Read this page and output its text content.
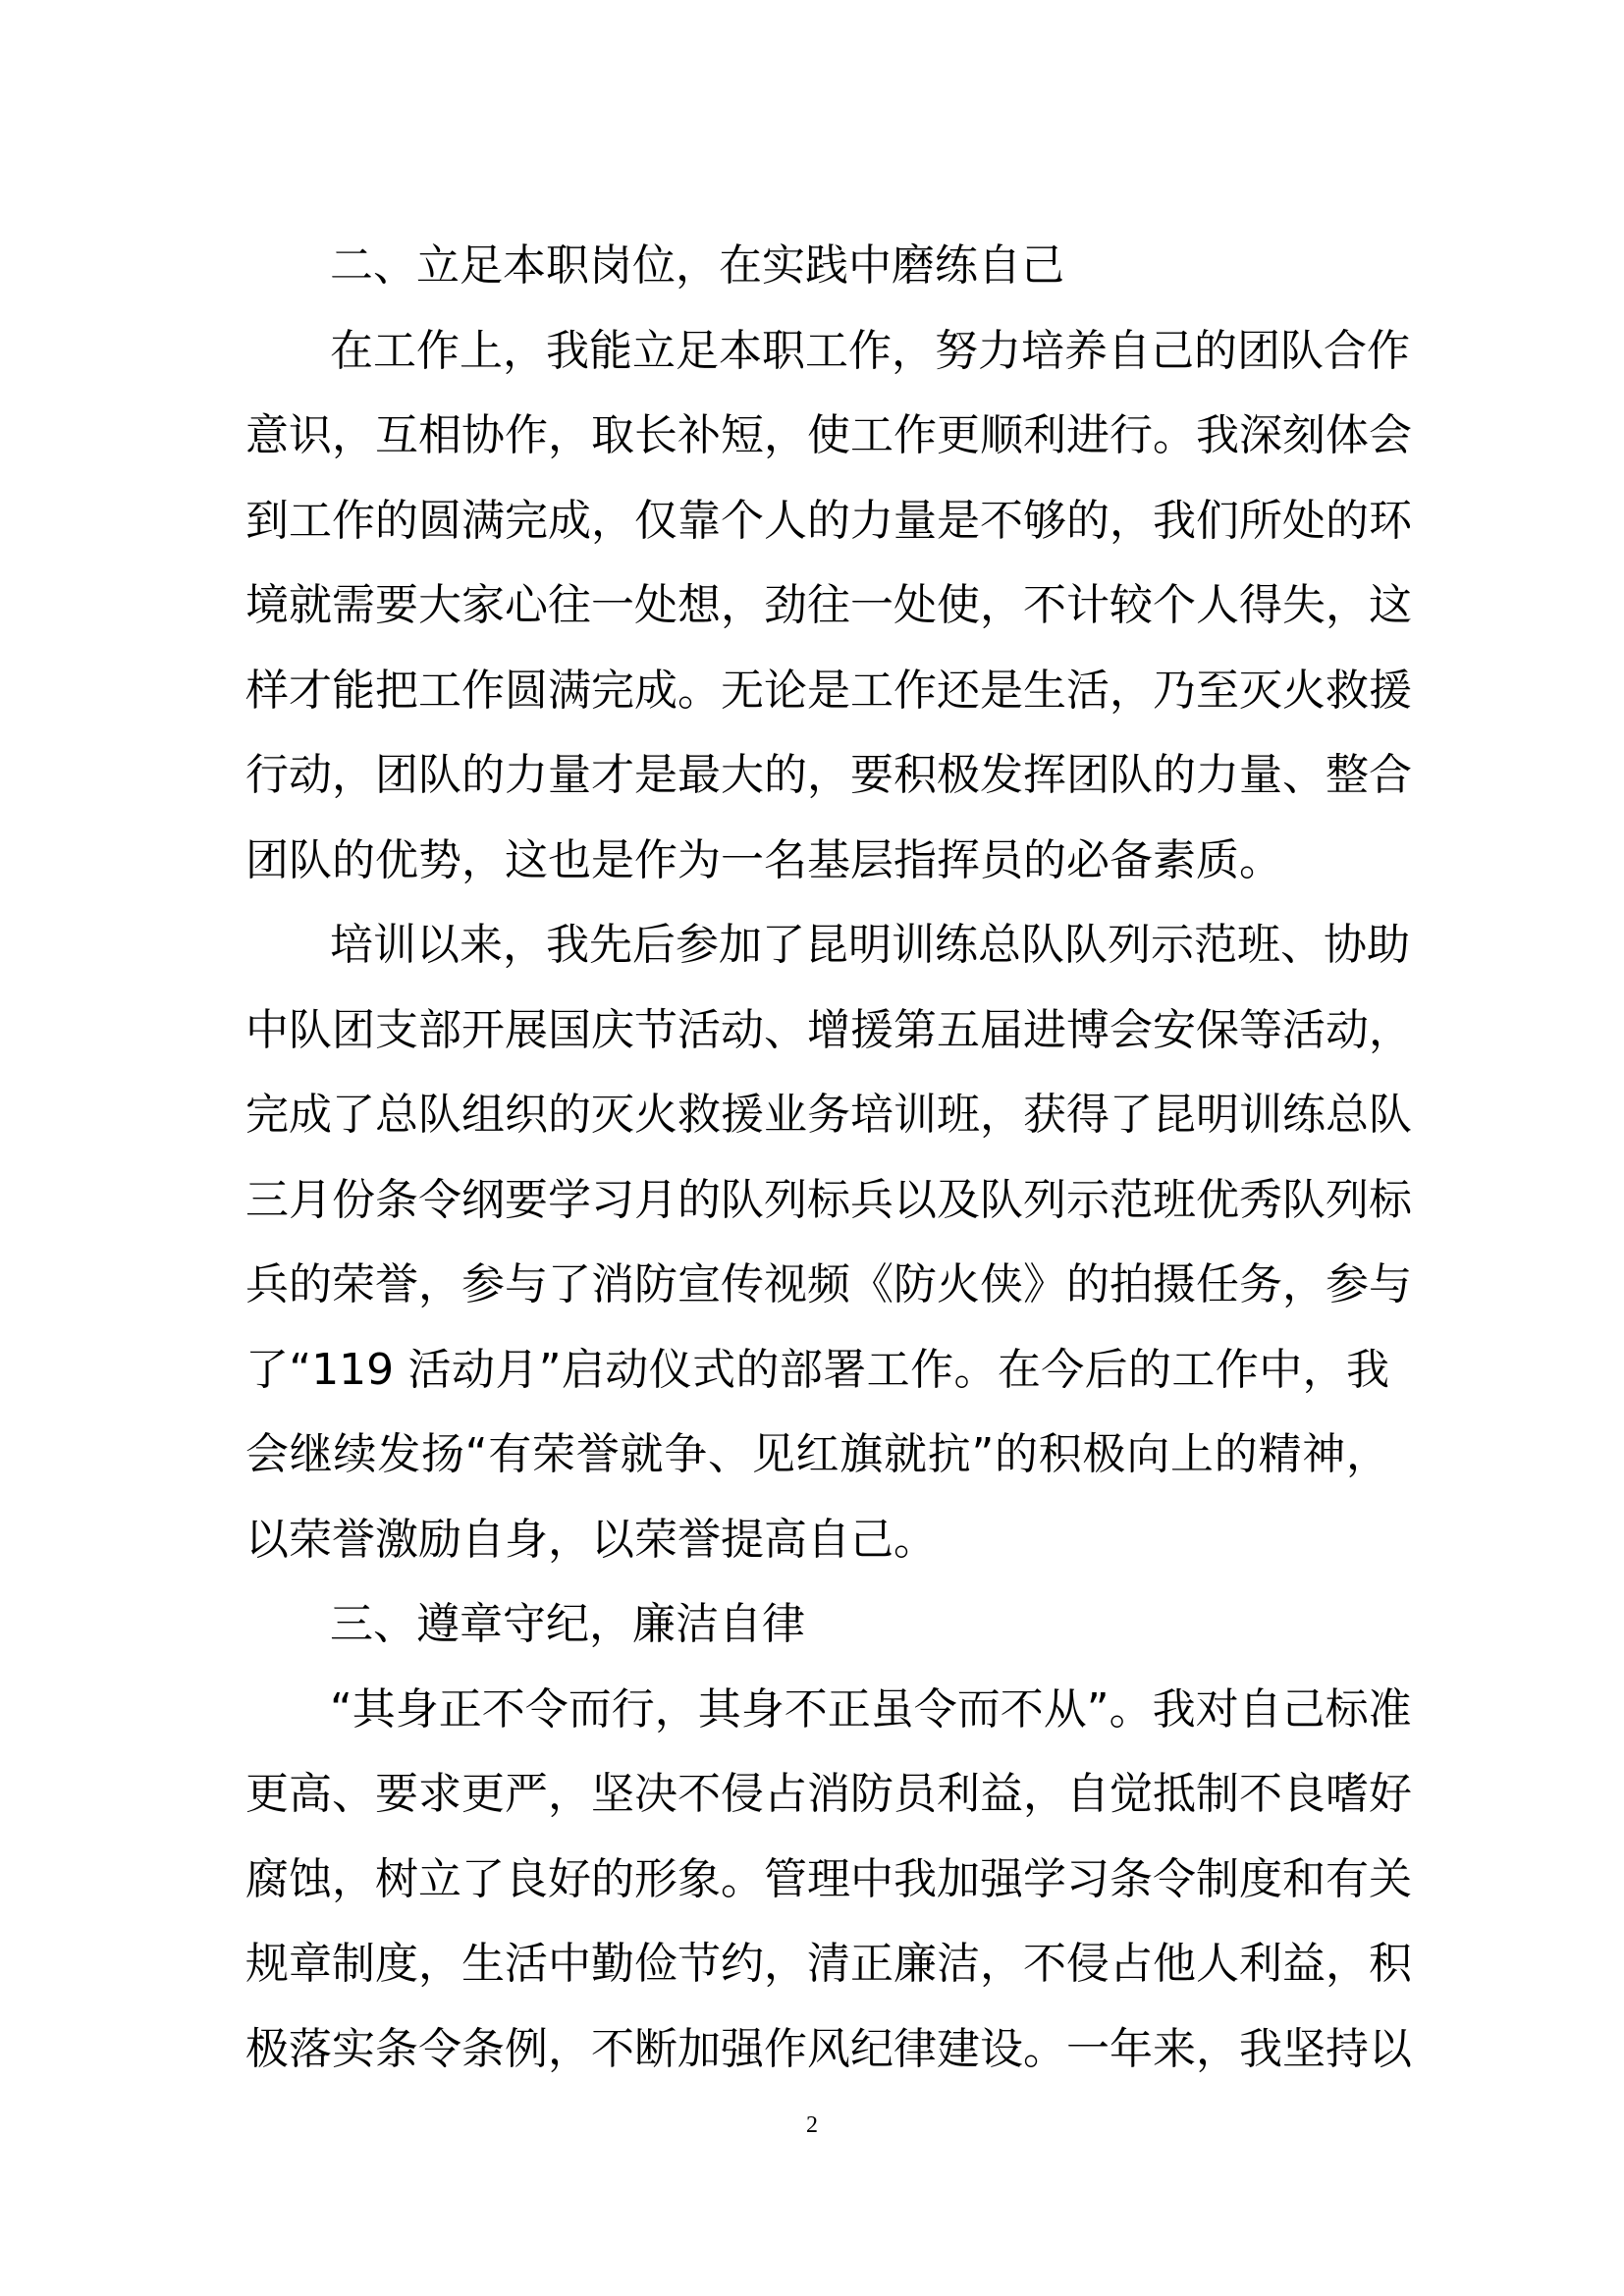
二、立足本职岗位，在实践中磨练自己
在工作上，我能立足本职工作，努力培养自己的团队合作
意识，互相协作，取长补短，使工作更顺利进行。我深刻体会
到工作的圆满完成，仅靠个人的力量是不够的，我们所处的环
境就需要大家心往一处想，劲往一处使，不计较个人得失，这
样才能把工作圆满完成。无论是工作还是生活，乃至灭火救援
行动，团队的力量才是最大的，要积极发挥团队的力量、整合
团队的优势，这也是作为一名基层指挥员的必备素质。
培训以来，我先后参加了昆明训练总队队列示范班、协助
中队团支部开展国庆节活动、增援第五届进博会安保等活动，
完成了总队组织的灭火救援业务培训班，获得了昆明训练总队
三月份条令纲要学习月的队列标兵以及队列示范班优秀队列标
兵的荣誉，参与了消防宣传视频《防火侠》的拍摄任务，参与
了“119 活动月”启动仪式的部署工作。在今后的工作中，我
会继续发扬“有荣誉就争、见红旗就抗”的积极向上的精神，
以荣誉激励自身，以荣誉提高自己。
三、遵章守纪，廉洁自律
“其身正不令而行，其身不正虽令而不从”。我对自己标准
更高、要求更严，坚决不侵占消防员利益，自觉抵制不良嗜好
腐蚀，树立了良好的形象。管理中我加强学习条令制度和有关
规章制度，生活中勤俭节约，清正廉洁，不侵占他人利益，积
极落实条令条例，不断加强作风纪律建设。一年来，我坚持以
2
